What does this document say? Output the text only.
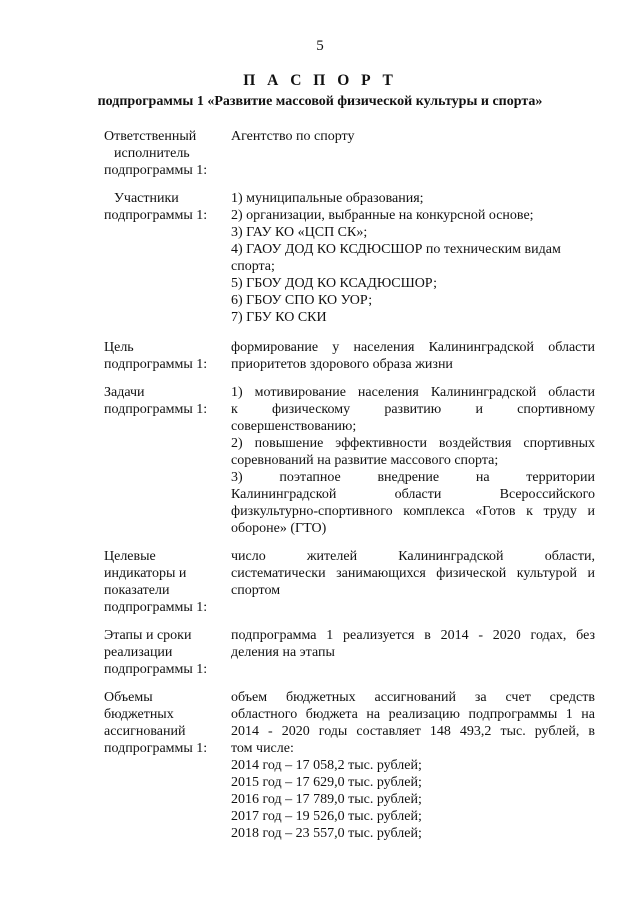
5
П А С П О Р Т
подпрограммы 1 «Развитие массовой физической культуры и спорта»
Ответственный
исполнитель
подпрограммы 1:
Агентство по спорту
Участники
подпрограммы 1:
1) муниципальные образования;
2) организации, выбранные на конкурсной основе;
3) ГАУ КО «ЦСП СК»;
4) ГАОУ ДОД КО КСДЮСШОР по техническим видам
спорта;
5) ГБОУ ДОД КО КСАДЮСШОР;
6) ГБОУ СПО КО УОР;
7) ГБУ КО СКИ
Цель
подпрограммы 1:
формирование у населения Калининградской области
приоритетов здорового образа жизни
Задачи
подпрограммы 1:
1) мотивирование населения Калининградской области
к физическому развитию и спортивному
совершенствованию;
2) повышение эффективности воздействия спортивных
соревнований на развитие массового спорта;
3) поэтапное внедрение на территории
Калининградской области Всероссийского
физкультурно-спортивного комплекса «Готов к труду и
обороне» (ГТО)
Целевые
индикаторы и
показатели
подпрограммы 1:
число жителей Калининградской области,
систематически занимающихся физической культурой и
спортом
Этапы и сроки
реализации
подпрограммы 1:
подпрограмма 1 реализуется в 2014 - 2020 годах, без
деления на этапы
Объемы
бюджетных
ассигнований
подпрограммы 1:
объем бюджетных ассигнований за счет средств
областного бюджета на реализацию подпрограммы 1 на
2014 - 2020 годы составляет 148 493,2 тыс. рублей, в
том числе:
2014 год – 17 058,2 тыс. рублей;
2015 год – 17 629,0 тыс. рублей;
2016 год – 17 789,0 тыс. рублей;
2017 год – 19 526,0 тыс. рублей;
2018 год – 23 557,0 тыс. рублей;
